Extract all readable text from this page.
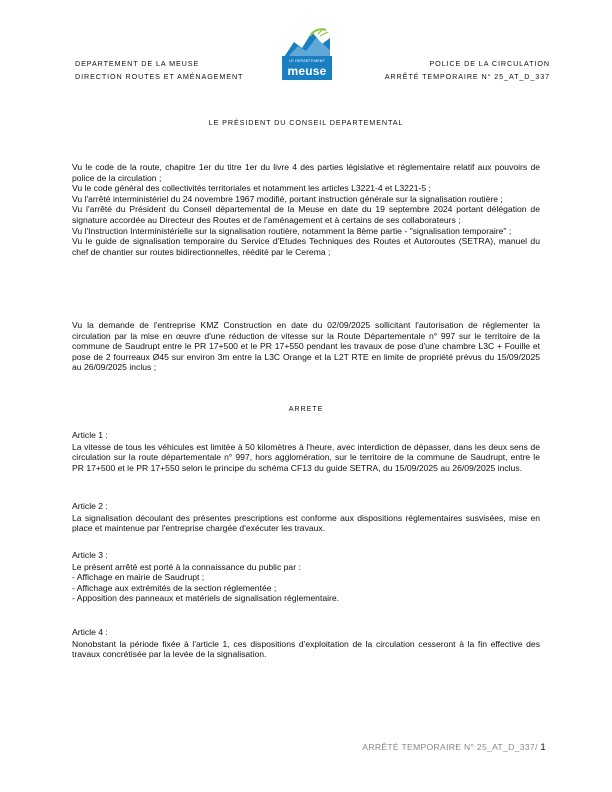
DEPARTEMENT DE LA MEUSE
DIRECTION ROUTES ET AMÉNAGEMENT
LE DÉPARTEMENT
meuse
POLICE DE LA CIRCULATION
ARRÊTÉ TEMPORAIRE N° 25_AT_D_337
LE PRÉSIDENT DU CONSEIL DEPARTEMENTAL

Vu le code de la route, chapitre 1er du titre 1er du livre 4 des parties législative et réglementaire relatif aux pouvoirs de police de la circulation ;

Vu le code général des collectivités territoriales et notamment les articles L3221-4 et L3221-5 ;

Vu l'arrêté interministériel du 24 novembre 1967 modifié, portant instruction générale sur la signalisation routière ;

Vu l'arrêté du Président du Conseil départemental de la Meuse en date du 19 septembre 2024 portant délégation de signature accordée au Directeur des Routes et de l'aménagement et à certains de ses collaborateurs ;

Vu l'Instruction Interministérielle sur la signalisation routière, notamment la 8ème partie - "signalisation temporaire" ;

Vu le guide de signalisation temporaire du Service d'Etudes Techniques des Routes et Autoroutes (SETRA), manuel du chef de chantier sur routes bidirectionnelles, réédité par le Cerema ;

Vu la demande de l'entreprise KMZ Construction en date du 02/09/2025 sollicitant l'autorisation de réglementer la circulation par la mise en œuvre d'une réduction de vitesse sur la Route Départementale n° 997 sur le territoire de la commune de Saudrupt entre le PR 17+500 et le PR 17+550 pendant les travaux de pose d'une chambre L3C + Fouille et pose de 2 fourreaux Ø45 sur environ 3m entre la L3C Orange et la L2T RTE en limite de propriété prévus du 15/09/2025 au 26/09/2025 inclus ;

ARRETE

Article 1 :

La vitesse de tous les véhicules est limitée à 50 kilomètres à l'heure, avec interdiction de dépasser, dans les deux sens de circulation sur la route départementale n° 997, hors agglomération, sur le territoire de la commune de Saudrupt, entre le PR 17+500 et le PR 17+550 selon le principe du schéma CF13 du guide SETRA, du 15/09/2025 au 26/09/2025 inclus.

Article 2 :

La signalisation découlant des présentes prescriptions est conforme aux dispositions réglementaires susvisées, mise en place et maintenue par l'entreprise chargée d'exécuter les travaux.

Article 3 :

Le présent arrêté est porté à la connaissance du public par :

- Affichage en mairie de Saudrupt ;

- Affichage aux extrémités de la section réglementée ;

- Apposition des panneaux et matériels de signalisation réglementaire.

Article 4 :

Nonobstant la période fixée à l'article 1, ces dispositions d'exploitation de la circulation cesseront à la fin effective des travaux concrétisée par la levée de la signalisation.

ARRÊTÉ TEMPORAIRE N° 25_AT_D_337/ 1
